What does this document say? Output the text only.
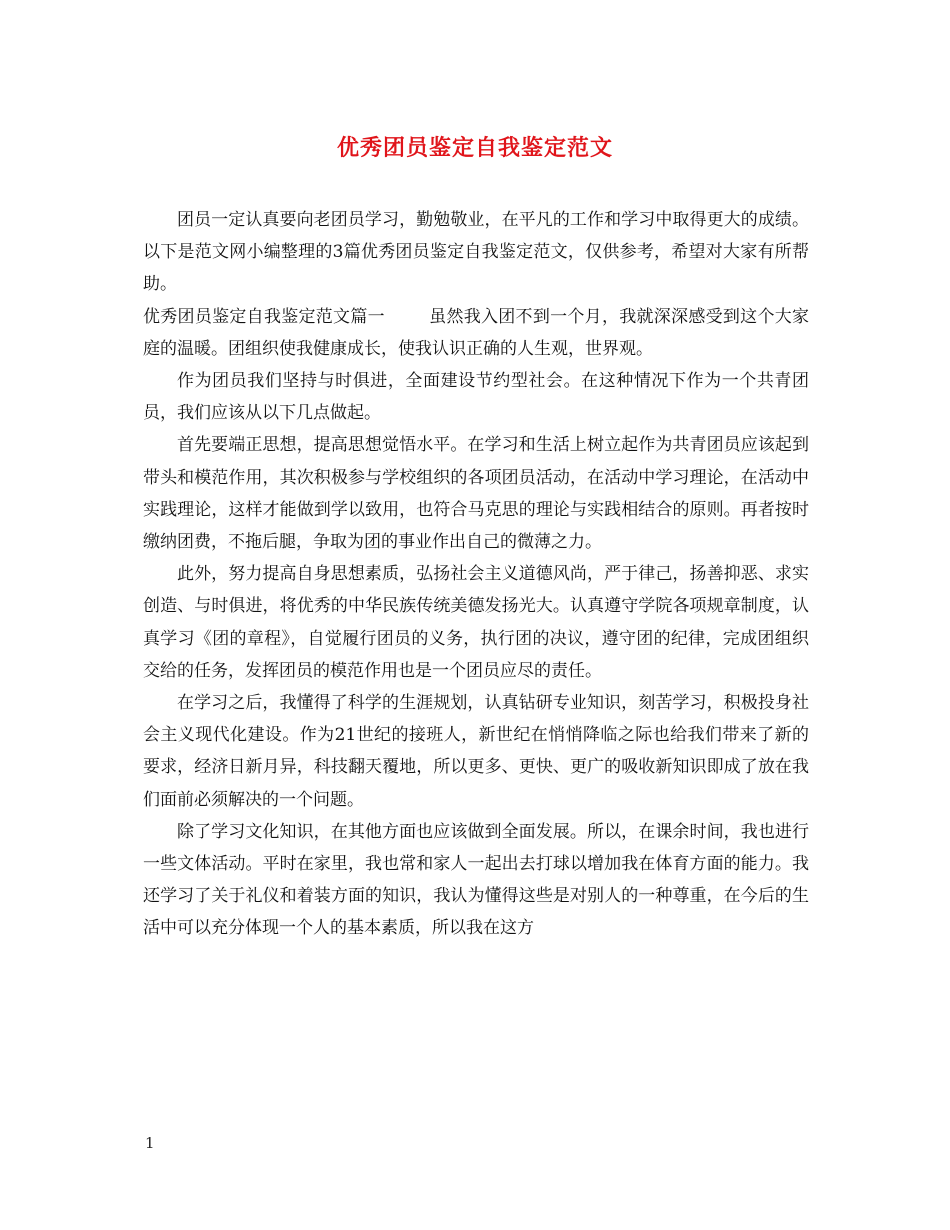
优秀团员鉴定自我鉴定范文

团员一定认真要向老团员学习，勤勉敬业，在平凡的工作和学习中取得更大的成绩。以下是范文网小编整理的3篇优秀团员鉴定自我鉴定范文，仅供参考，希望对大家有所帮助。

优秀团员鉴定自我鉴定范文篇一	虽然我入团不到一个月，我就深深感受到这个大家庭的温暖。团组织使我健康成长，使我认识正确的人生观，世界观。

作为团员我们坚持与时俱进，全面建设节约型社会。在这种情况下作为一个共青团员，我们应该从以下几点做起。

首先要端正思想，提高思想觉悟水平。在学习和生活上树立起作为共青团员应该起到带头和模范作用，其次积极参与学校组织的各项团员活动，在活动中学习理论，在活动中实践理论，这样才能做到学以致用，也符合马克思的理论与实践相结合的原则。再者按时缴纳团费，不拖后腿，争取为团的事业作出自己的微薄之力。

此外，努力提高自身思想素质，弘扬社会主义道德风尚，严于律己，扬善抑恶、求实创造、与时俱进，将优秀的中华民族传统美德发扬光大。认真遵守学院各项规章制度，认真学习《团的章程》，自觉履行团员的义务，执行团的决议，遵守团的纪律，完成团组织交给的任务，发挥团员的模范作用也是一个团员应尽的责任。

在学习之后，我懂得了科学的生涯规划，认真钻研专业知识，刻苦学习，积极投身社会主义现代化建设。作为21世纪的接班人，新世纪在悄悄降临之际也给我们带来了新的要求，经济日新月异，科技翻天覆地，所以更多、更快、更广的吸收新知识即成了放在我们面前必须解决的一个问题。

除了学习文化知识，在其他方面也应该做到全面发展。所以，在课余时间，我也进行一些文体活动。平时在家里，我也常和家人一起出去打球以增加我在体育方面的能力。我还学习了关于礼仪和着装方面的知识，我认为懂得这些是对别人的一种尊重，在今后的生活中可以充分体现一个人的基本素质，所以我在这方

1
